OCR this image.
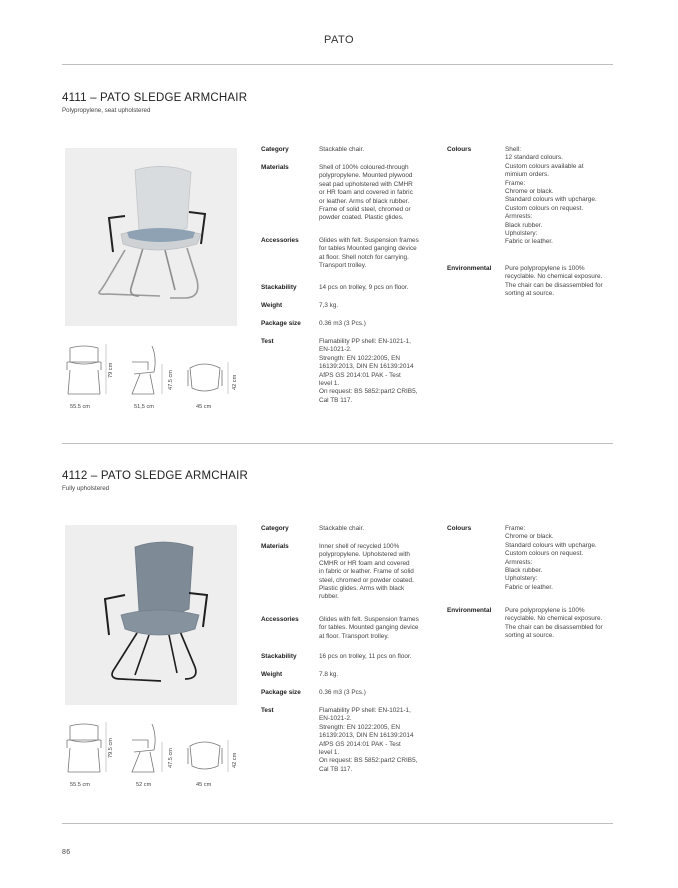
PATO
4111 – PATO SLEDGE ARMCHAIR
Polypropylene, seat upholstered
79 cm
55.5 cm
47.5 cm
51,5 cm
42 cm
45 cm
Category	Stackable chair.
Materials	Shell of 100% coloured-through
polypropylene. Mounted plywood
seat pad upholstered with CMHR
or HR foam and covered in fabric
or leather. Arms of black rubber.
Frame of solid steel, chromed or
powder coated. Plastic glides.
Accessories	Glides with felt. Suspension frames
for tables Mounted ganging device
at floor. Shell notch for carrying.
Transport trolley.
Stackability	14 pcs on trolley, 9 pcs on floor.
Weight	7,3 kg.
Package size	0.36 m3 (3 Pcs.)
Test	Flamability PP shell: EN-1021-1,
EN-1021-2.
Strength: EN 1022:2005, EN
16139:2013, DIN EN 16139:2014
AfPS GS 2014:01 PAK - Test
level 1.
On request: BS 5852:part2 CRIB5,
Cal TB 117.
Colours	Shell:
12 standard colours.
Custom colours available at
mimium orders.
Frame:
Chrome or black.
Standard colours with upcharge.
Custom colours on request.
Armrests:
Black rubber.
Upholstery:
Fabric or leather.
Environmental Pure polypropylene is 100%
recyclable. No chemical exposure.
The chair can be disassembled for
sorting at source.
4112 – PATO SLEDGE ARMCHAIR
Fully upholstered
79.5 cm
55.5 cm
47.5 cm
52 cm
42 cm
45 cm
Category	Stackable chair.
Materials	Inner shell of recycled 100%
polypropylene. Upholstered with
CMHR or HR foam and covered
in fabric or leather. Frame of solid
steel, chromed or powder coated.
Plastic glides. Arms with black
rubber.
Accessories	Glides with felt. Suspension frames
for tables. Mounted ganging device
at floor. Transport trolley.
Stackability	16 pcs on trolley, 11 pcs on floor.
Weight	7.8 kg.
Package size	0.36 m3 (3 Pcs.)
Test	Flamability PP shell: EN-1021-1,
EN-1021-2.
Strength: EN 1022:2005, EN
16139:2013, DIN EN 16139:2014
AfPS GS 2014:01 PAK - Test
level 1.
On request: BS 5852:part2 CRIB5,
Cal TB 117.
Colours	Frame:
Chrome or black.
Standard colours with upcharge.
Custom colours on request.
Armrests:
Black rubber.
Upholstery:
Fabric or leather.
Environmental Pure polypropylene is 100%
recyclable. No chemical exposure.
The chair can be disassembled for
sorting at source.
86
